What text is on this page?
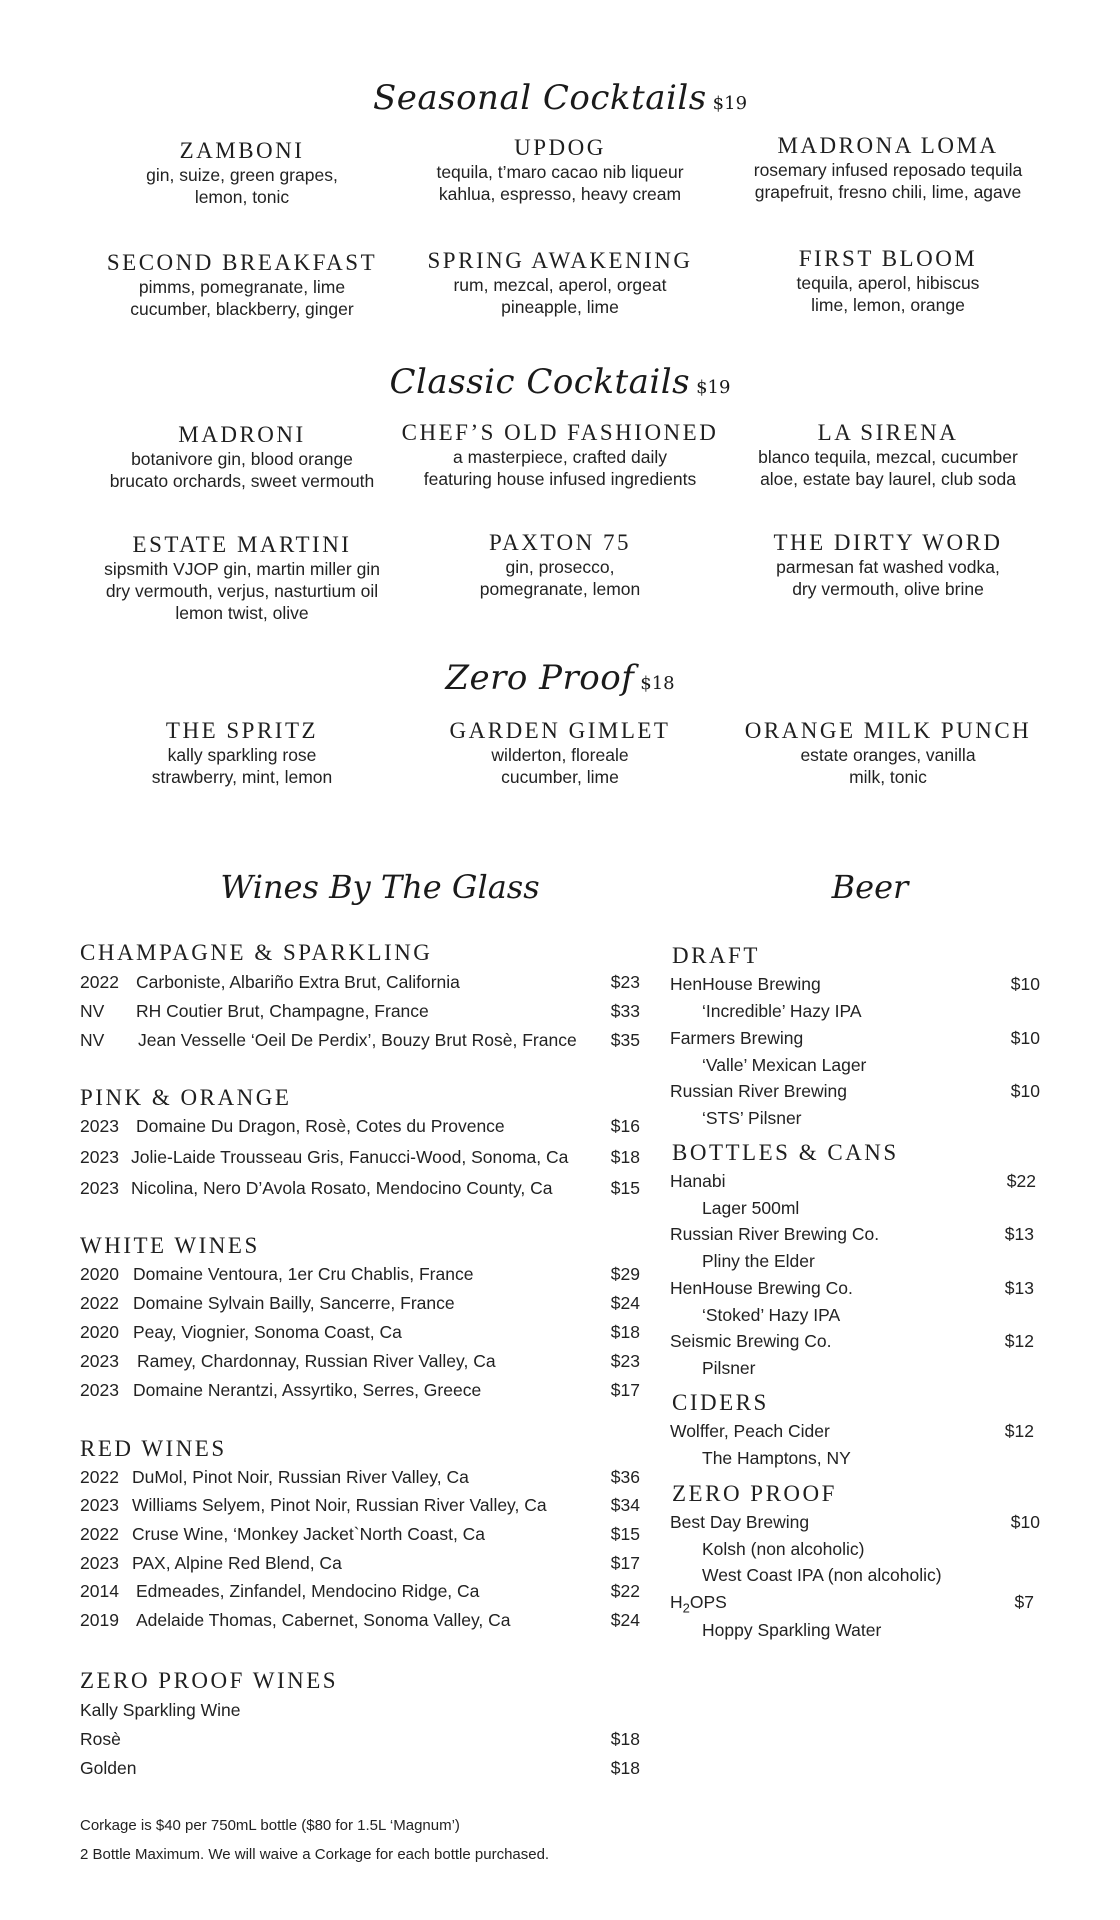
Seasonal Cocktails $19
ZAMBONI
gin, suize, green grapes,
lemon, tonic
UPDOG
tequila, t’maro cacao nib liqueur
kahlua, espresso, heavy cream
MADRONA LOMA
rosemary infused reposado tequila
grapefruit, fresno chili, lime, agave
SECOND BREAKFAST
pimms, pomegranate, lime
cucumber, blackberry, ginger
SPRING AWAKENING
rum, mezcal, aperol, orgeat
pineapple, lime
FIRST BLOOM
tequila, aperol, hibiscus
lime, lemon, orange
Classic Cocktails $19
MADRONI
botanivore gin, blood orange
brucato orchards, sweet vermouth
CHEF’S OLD FASHIONED
a masterpiece, crafted daily
featuring house infused ingredients
LA SIRENA
blanco tequila, mezcal, cucumber
aloe, estate bay laurel, club soda
ESTATE MARTINI
sipsmith VJOP gin, martin miller gin
dry vermouth, verjus, nasturtium oil
lemon twist, olive
PAXTON 75
gin, prosecco,
pomegranate, lemon
THE DIRTY WORD
parmesan fat washed vodka,
dry vermouth, olive brine
Zero Proof $18
THE SPRITZ
kally sparkling rose
strawberry, mint, lemon
GARDEN GIMLET
wilderton, floreale
cucumber, lime
ORANGE MILK PUNCH
estate oranges, vanilla
milk, tonic
Wines By The Glass
CHAMPAGNE & SPARKLING
2022 Carboniste, Albariño Extra Brut, California	$23
NV RH Coutier Brut, Champagne, France	$33
NV Jean Vesselle ‘Oeil De Perdix’, Bouzy Brut Rosè, France $35
PINK & ORANGE
2023 Domaine Du Dragon, Rosè, Cotes du Provence	$16
2023 Jolie-Laide Trousseau Gris, Fanucci-Wood, Sonoma, Ca $18
2023 Nicolina, Nero D’Avola Rosato, Mendocino County, Ca	$15
WHITE WINES
2020 Domaine Ventoura, 1er Cru Chablis, France	$29
2022 Domaine Sylvain Bailly, Sancerre, France	$24
2020 Peay, Viognier, Sonoma Coast, Ca	$18
2023 Ramey, Chardonnay, Russian River Valley, Ca	$23
2023 Domaine Nerantzi, Assyrtiko, Serres, Greece	$17
RED WINES
2022 DuMol, Pinot Noir, Russian River Valley, Ca	$36
2023 Williams Selyem, Pinot Noir, Russian River Valley, Ca	$34
2022 Cruse Wine, ‘Monkey Jacket`North Coast, Ca	$15
2023 PAX, Alpine Red Blend, Ca	$17
2014 Edmeades, Zinfandel, Mendocino Ridge, Ca	$22
2019 Adelaide Thomas, Cabernet, Sonoma Valley, Ca	$24
ZERO PROOF WINES
Kally Sparkling Wine
Rosè	$18
Golden	$18
Corkage is $40 per 750mL bottle ($80 for 1.5L ‘Magnum’)
2 Bottle Maximum. We will waive a Corkage for each bottle purchased.
Beer
DRAFT
HenHouse Brewing	$10
‘Incredible’ Hazy IPA
Farmers Brewing	$10
‘Valle’ Mexican Lager
Russian River Brewing	$10
‘STS’ Pilsner
BOTTLES & CANS
Hanabi	$22
Lager 500ml
Russian River Brewing Co.	$13
Pliny the Elder
HenHouse Brewing Co.	$13
‘Stoked’ Hazy IPA
Seismic Brewing Co.	$12
Pilsner
CIDERS
Wolffer, Peach Cider	$12
The Hamptons, NY
ZERO PROOF
Best Day Brewing	$10
Kolsh (non alcoholic)
West Coast IPA (non alcoholic)
$H_2OPS$	$7
Hoppy Sparkling Water
